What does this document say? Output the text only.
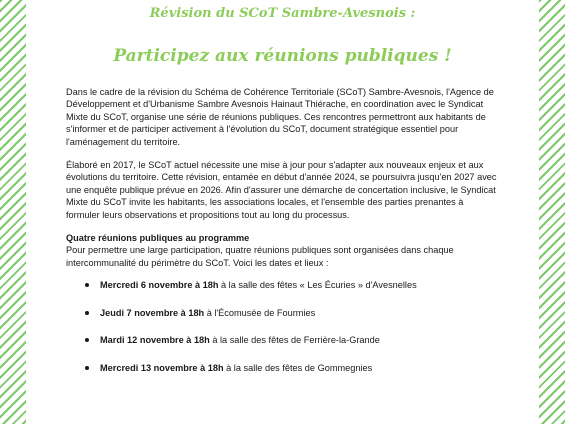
Révision du SCoT Sambre-Avesnois :
Participez aux réunions publiques !

Dans le cadre de la révision du Schéma de Cohérence Territoriale (SCoT) Sambre-Avesnois, l'Agence de Développement et d'Urbanisme Sambre Avesnois Hainaut Thiérache, en coordination avec le Syndicat Mixte du SCoT, organise une série de réunions publiques. Ces rencontres permettront aux habitants de s'informer et de participer activement à l'évolution du SCoT, document stratégique essentiel pour l'aménagement du territoire.

Élaboré en 2017, le SCoT actuel nécessite une mise à jour pour s'adapter aux nouveaux enjeux et aux évolutions du territoire. Cette révision, entamée en début d'année 2024, se poursuivra jusqu'en 2027 avec une enquête publique prévue en 2026. Afin d'assurer une démarche de concertation inclusive, le Syndicat Mixte du SCoT invite les habitants, les associations locales, et l'ensemble des parties prenantes à formuler leurs observations et propositions tout au long du processus.

Quatre réunions publiques au programme
Pour permettre une large participation, quatre réunions publiques sont organisées dans chaque intercommunalité du périmètre du SCoT. Voici les dates et lieux :
Mercredi 6 novembre à 18h à la salle des fêtes « Les Écuries » d'Avesnelles
Jeudi 7 novembre à 18h à l'Écomusée de Fourmies
Mardi 12 novembre à 18h à la salle des fêtes de Ferrière-la-Grande
Mercredi 13 novembre à 18h à la salle des fêtes de Gommegnies
